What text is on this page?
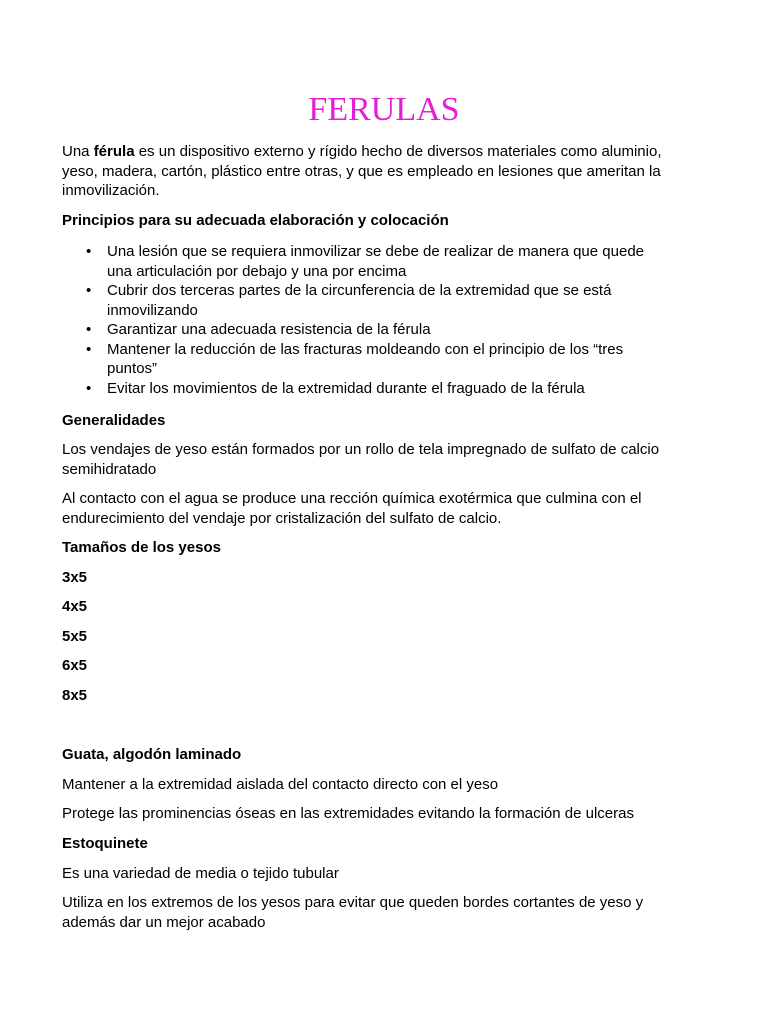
FERULAS

Una férula es un dispositivo externo y rígido hecho de diversos materiales como aluminio, yeso, madera, cartón, plástico entre otras, y que es empleado en lesiones que ameritan la inmovilización.

Principios para su adecuada elaboración y colocación

• Una lesión que se requiera inmovilizar se debe de realizar de manera que quede una articulación por debajo y una por encima
• Cubrir dos terceras partes de la circunferencia de la extremidad que se está inmovilizando
• Garantizar una adecuada resistencia de la férula
• Mantener la reducción de las fracturas moldeando con el principio de los “tres puntos”
• Evitar los movimientos de la extremidad durante el fraguado de la férula

Generalidades

Los vendajes de yeso están formados por un rollo de tela impregnado de sulfato de calcio semihidratado

Al contacto con el agua se produce una rección química exotérmica que culmina con el endurecimiento del vendaje por cristalización del sulfato de calcio.

Tamaños de los yesos

3x5

4x5

5x5

6x5

8x5

Guata, algodón laminado

Mantener a la extremidad aislada del contacto directo con el yeso

Protege las prominencias óseas en las extremidades evitando la formación de ulceras

Estoquinete

Es una variedad de media o tejido tubular

Utiliza en los extremos de los yesos para evitar que queden bordes cortantes de yeso y además dar un mejor acabado
